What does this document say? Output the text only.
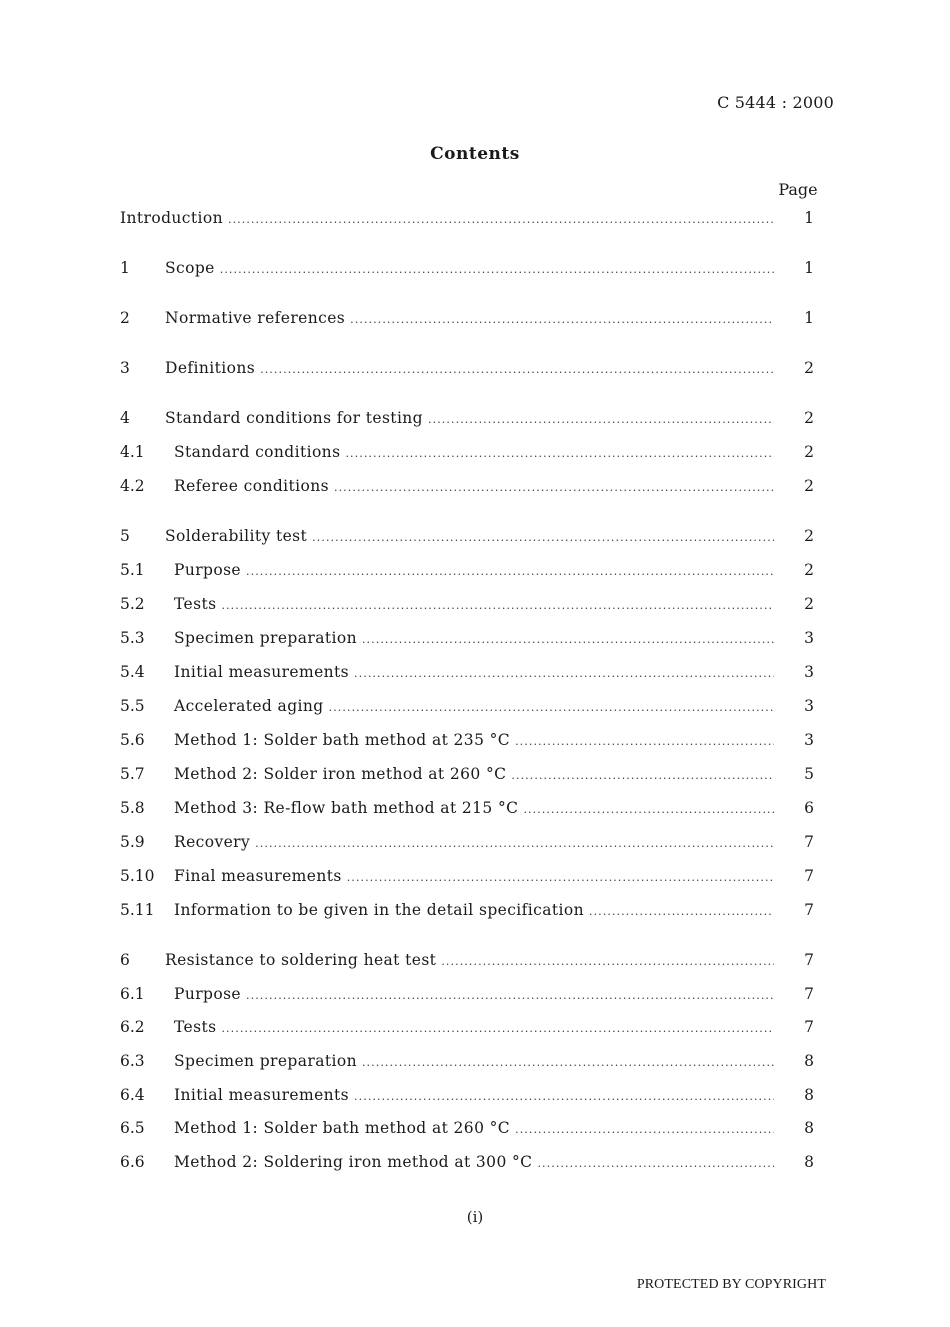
C 5444 : 2000
Contents
Page
Introduction .....	1
1	Scope .....	1
2	Normative references .....	1
3	Definitions .....	2
4	Standard conditions for testing .....	2
4.1	Standard conditions .....	2
4.2	Referee conditions .....	2
5	Solderability test .....	2
5.1	Purpose .....	2
5.2	Tests .....	2
5.3	Specimen preparation .....	3
5.4	Initial measurements .....	3
5.5	Accelerated aging .....	3
5.6	Method 1: Solder bath method at 235 °C .....	3
5.7	Method 2: Solder iron method at 260 °C .....	5
5.8	Method 3: Re-flow bath method at 215 °C .....	6
5.9	Recovery .....	7
5.10	Final measurements .....	7
5.11	Information to be given in the detail specification .....	7
6	Resistance to soldering heat test .....	7
6.1	Purpose .....	7
6.2	Tests .....	7
6.3	Specimen preparation .....	8
6.4	Initial measurements .....	8
6.5	Method 1: Solder bath method at 260 °C .....	8
6.6	Method 2: Soldering iron method at 300 °C .....	8
(i)
PROTECTED BY COPYRIGHT
